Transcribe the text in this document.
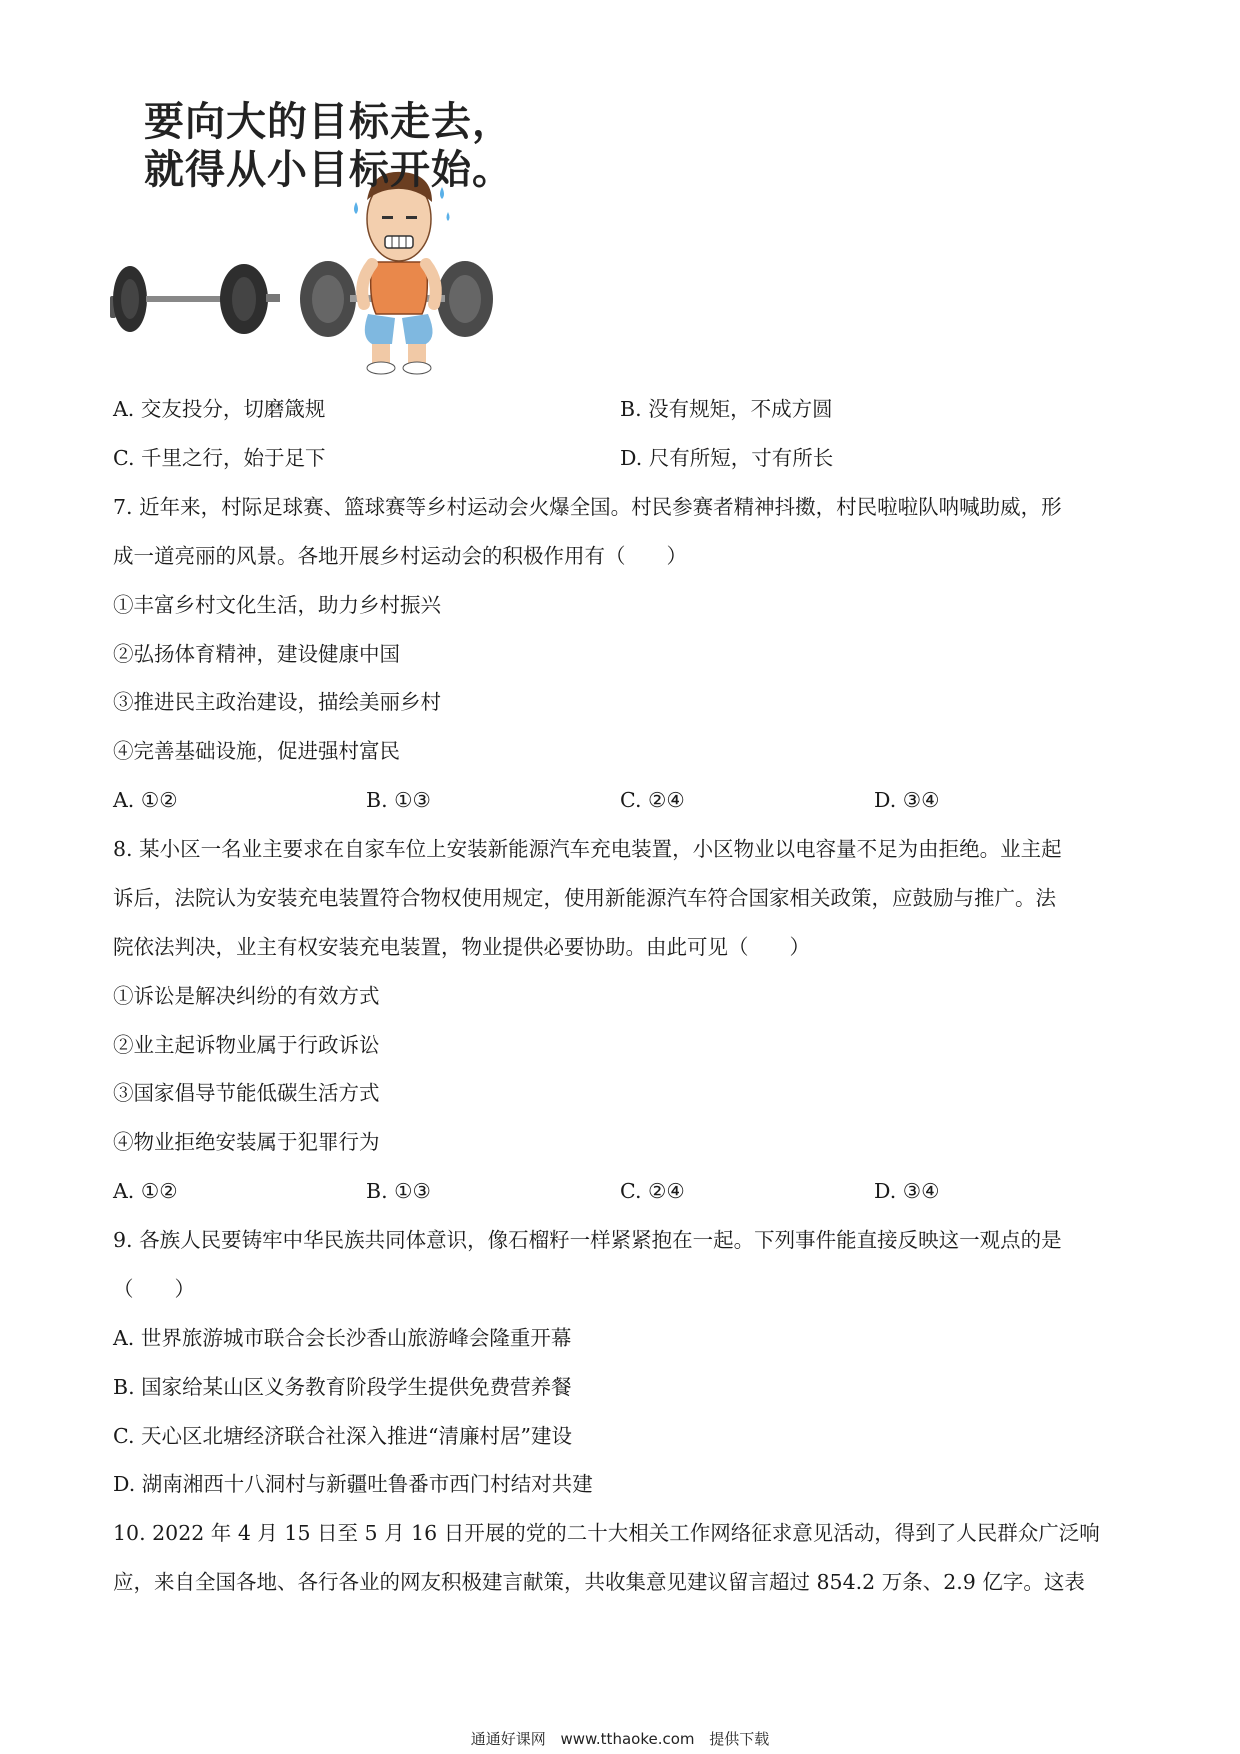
要向大的目标走去，
就得从小目标开始。
A. 交友投分，切磨箴规	B. 没有规矩，不成方圆
C. 千里之行，始于足下	D. 尺有所短，寸有所长
7. 近年来，村际足球赛、篮球赛等乡村运动会火爆全国。村民参赛者精神抖擞，村民啦啦队呐喊助威，形
成一道亮丽的风景。各地开展乡村运动会的积极作用有（　　）
①丰富乡村文化生活，助力乡村振兴
②弘扬体育精神，建设健康中国
③推进民主政治建设，描绘美丽乡村
④完善基础设施，促进强村富民
A. ①②	B. ①③	C. ②④	D. ③④
8. 某小区一名业主要求在自家车位上安装新能源汽车充电装置，小区物业以电容量不足为由拒绝。业主起
诉后，法院认为安装充电装置符合物权使用规定，使用新能源汽车符合国家相关政策，应鼓励与推广。法
院依法判决，业主有权安装充电装置，物业提供必要协助。由此可见（　　）
①诉讼是解决纠纷的有效方式
②业主起诉物业属于行政诉讼
③国家倡导节能低碳生活方式
④物业拒绝安装属于犯罪行为
A. ①②	B. ①③	C. ②④	D. ③④
9. 各族人民要铸牢中华民族共同体意识，像石榴籽一样紧紧抱在一起。下列事件能直接反映这一观点的是
（　　）
A. 世界旅游城市联合会长沙香山旅游峰会隆重开幕
B. 国家给某山区义务教育阶段学生提供免费营养餐
C. 天心区北塘经济联合社深入推进“清廉村居”建设
D. 湖南湘西十八洞村与新疆吐鲁番市西门村结对共建
10. 2022 年 4 月 15 日至 5 月 16 日开展的党的二十大相关工作网络征求意见活动，得到了人民群众广泛响
应，来自全国各地、各行各业的网友积极建言献策，共收集意见建议留言超过 854.2 万条、2.9 亿字。这表
通通好课网 www.tthaoke.com 提供下载
